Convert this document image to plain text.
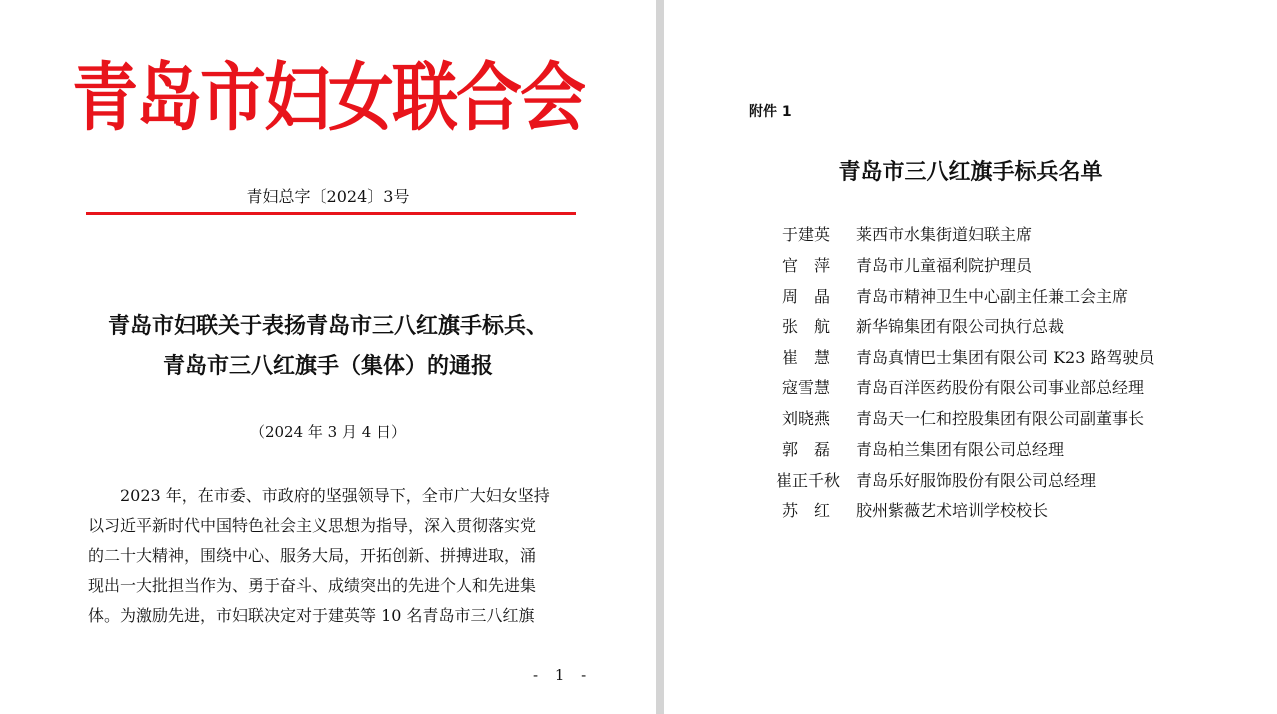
青岛市妇女联合会
青妇总字〔2024〕3号
青岛市妇联关于表扬青岛市三八红旗手标兵、
青岛市三八红旗手（集体）的通报
（2024 年 3 月 4 日）
　　2023 年，在市委、市政府的坚强领导下，全市广大妇女坚持
以习近平新时代中国特色社会主义思想为指导，深入贯彻落实党
的二十大精神，围绕中心、服务大局，开拓创新、拼搏进取，涌
现出一大批担当作为、勇于奋斗、成绩突出的先进个人和先进集
体。为激励先进，市妇联决定对于建英等 10 名青岛市三八红旗
- 1 -
附件 1
青岛市三八红旗手标兵名单
于建英 莱西市水集街道妇联主席
官　萍 青岛市儿童福利院护理员
周　晶 青岛市精神卫生中心副主任兼工会主席
张　航 新华锦集团有限公司执行总裁
崔　慧 青岛真情巴士集团有限公司 K23 路驾驶员
寇雪慧 青岛百洋医药股份有限公司事业部总经理
刘晓燕 青岛天一仁和控股集团有限公司副董事长
郭　磊 青岛柏兰集团有限公司总经理
崔正千秋 青岛乐好服饰股份有限公司总经理
苏　红 胶州紫薇艺术培训学校校长
